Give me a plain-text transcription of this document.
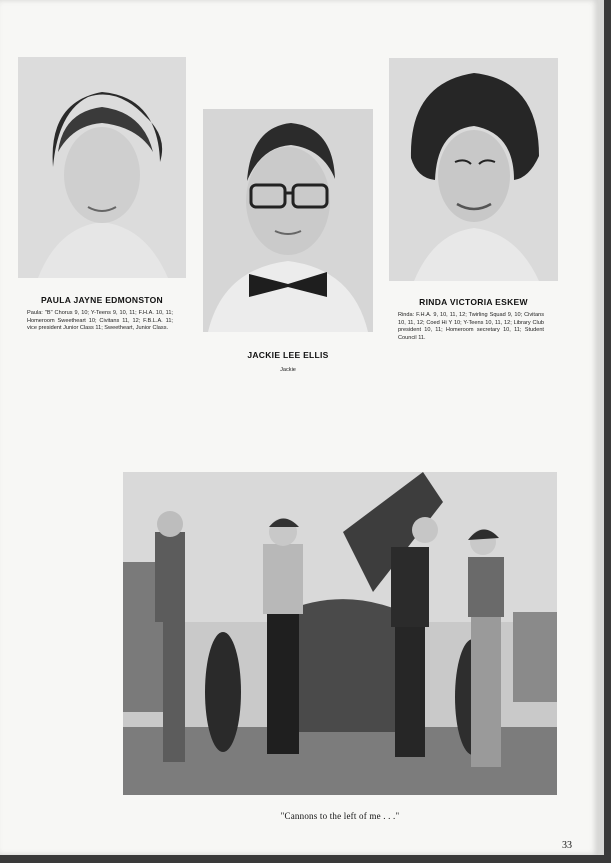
PAULA JAYNE EDMONSTON
Paula: "B" Chorus 9, 10; Y-Teens 9, 10, 11; F.H.A. 10, 11; Homeroom Sweetheart 10; Civitans 11, 12; F.B.L.A. 11; vice president Junior Class 11; Sweetheart, Junior Class.
JACKIE LEE ELLIS
Jackie
RINDA VICTORIA ESKEW
Rinda: F.H.A. 9, 10, 11, 12; Twirling Squad 9, 10; Civitans 10, 11, 12; Coed Hi Y 10; Y-Teens 10, 11, 12; Library Club president 10, 11; Homeroom secretary 10, 11; Student Council 11.
"Cannons to the left of me . . ."
33
